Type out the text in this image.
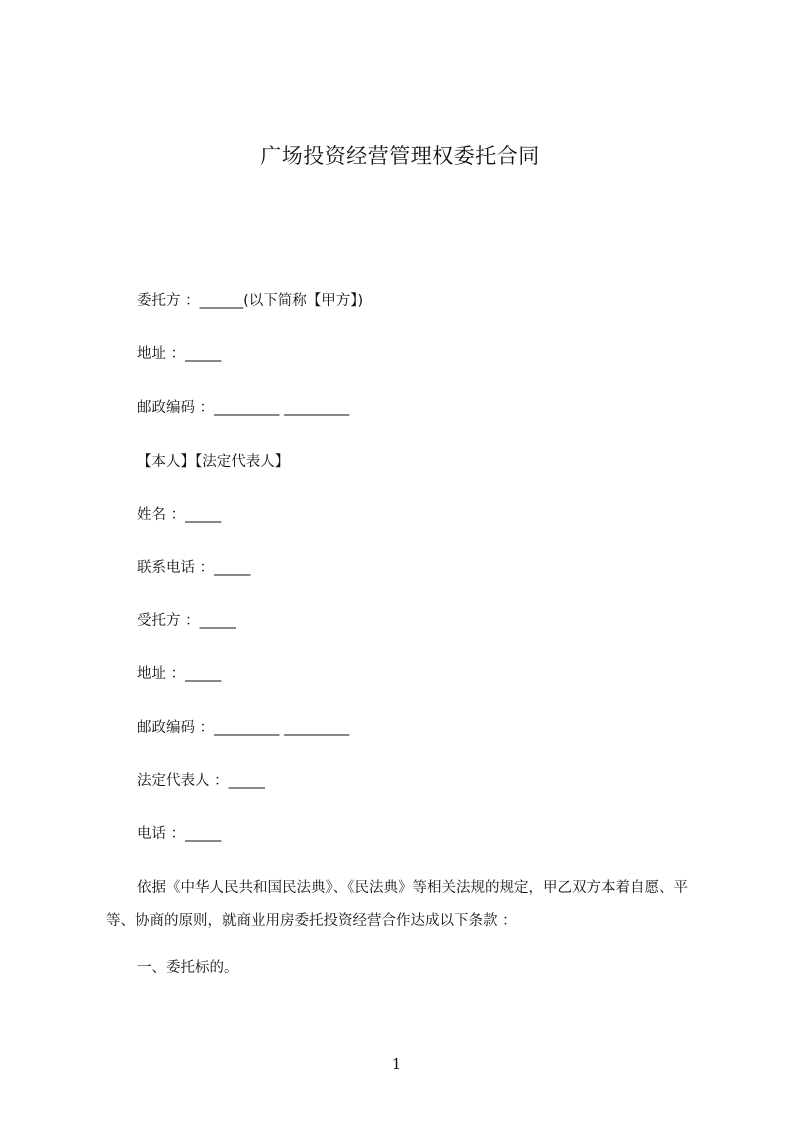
广场投资经营管理权委托合同
委托方 ：______(以下简称【甲方】)
地址 ：_____
邮政编码 ：_________ _________
【本人】【法定代表人】
姓名 ：_____
联系电话 ：_____
受托方 ：_____
地址 ：_____
邮政编码 ：_________ _________
法定代表人 ：_____
电话 ：_____
依据《中华人民共和国民法典》、《民法典》等相关法规的规定，甲乙双方本着自愿、平等、协商的原则，就商业用房委托投资经营合作达成以下条款 ：
一、委托标的。
1
